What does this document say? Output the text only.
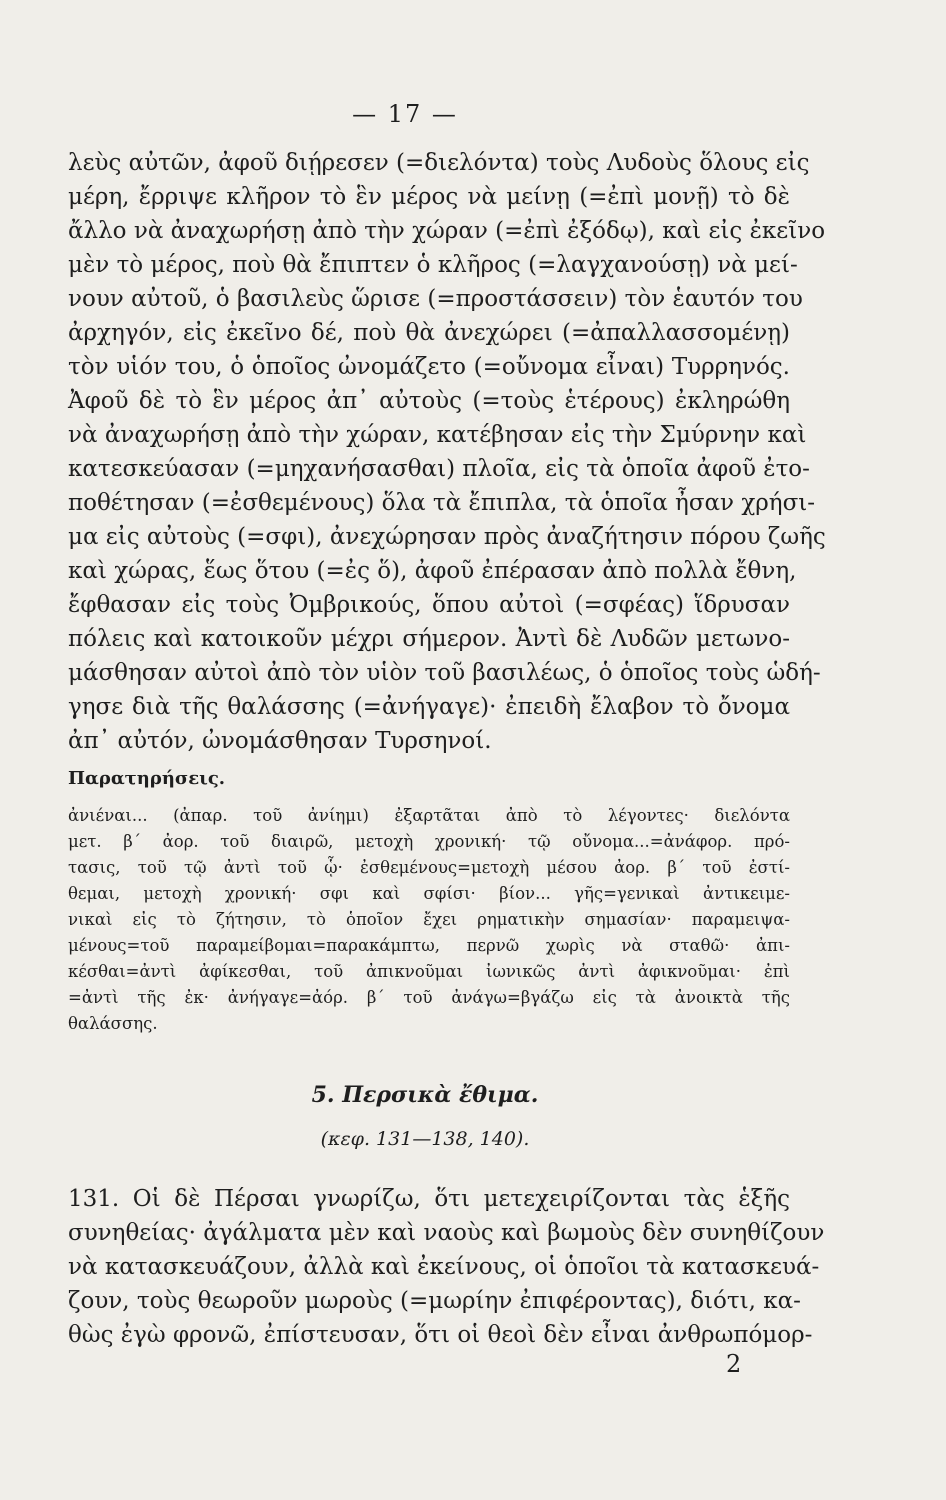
— 17 —
λεὺς αὐτῶν, ἀφοῦ διῄρεσεν (=διελόντα) τοὺς Λυδοὺς ὅλους εἰς
μέρη, ἔρριψε κλῆρον τὸ ἓν μέρος νὰ μείνῃ (=ἐπὶ μονῇ) τὸ δὲ
ἄλλο νὰ ἀναχωρήσῃ ἀπὸ τὴν χώραν (=ἐπὶ ἐξόδῳ), καὶ εἰς ἐκεῖνο
μὲν τὸ μέρος, ποὺ θὰ ἔπιπτεν ὁ κλῆρος (=λαγχανούσῃ) νὰ μεί-
νουν αὐτοῦ, ὁ βασιλεὺς ὥρισε (=προστάσσειν) τὸν ἑαυτόν του
ἀρχηγόν, εἰς ἐκεῖνο δέ, ποὺ θὰ ἀνεχώρει (=ἀπαλλασσομένῃ)
τὸν υἱόν του, ὁ ὁποῖος ὠνομάζετο (=οὔνομα εἶναι) Τυρρηνός.
Ἀφοῦ δὲ τὸ ἓν μέρος ἀπ᾽ αὐτοὺς (=τοὺς ἑτέρους) ἐκληρώθη
νὰ ἀναχωρήσῃ ἀπὸ τὴν χώραν, κατέβησαν εἰς τὴν Σμύρνην καὶ
κατεσκεύασαν (=μηχανήσασθαι) πλοῖα, εἰς τὰ ὁποῖα ἀφοῦ ἐτο-
ποθέτησαν (=ἐσθεμένους) ὅλα τὰ ἔπιπλα, τὰ ὁποῖα ἦσαν χρήσι-
μα εἰς αὐτοὺς (=σφι), ἀνεχώρησαν πρὸς ἀναζήτησιν πόρου ζωῆς
καὶ χώρας, ἕως ὅτου (=ἐς ὅ), ἀφοῦ ἐπέρασαν ἀπὸ πολλὰ ἔθνη,
ἔφθασαν εἰς τοὺς Ὀμβρικούς, ὅπου αὐτοὶ (=σφέας) ἵδρυσαν
πόλεις καὶ κατοικοῦν μέχρι σήμερον. Ἀντὶ δὲ Λυδῶν μετωνο-
μάσθησαν αὐτοὶ ἀπὸ τὸν υἱὸν τοῦ βασιλέως, ὁ ὁποῖος τοὺς ὡδή-
γησε διὰ τῆς θαλάσσης (=ἀνήγαγε)· ἐπειδὴ ἔλαβον τὸ ὄνομα
ἀπ᾽ αὐτόν, ὠνομάσθησαν Τυρσηνοί.
Παρατηρήσεις.
ἀνιέναι... (ἀπαρ. τοῦ ἀνίημι) ἐξαρτᾶται ἀπὸ τὸ λέγοντες· διελόντα
μετ. β΄ ἀορ. τοῦ διαιρῶ, μετοχὴ χρονική· τῷ οὔνομα...=ἀνάφορ. πρό-
τασις, τοῦ τῷ ἀντὶ τοῦ ᾧ· ἐσθεμένους=μετοχὴ μέσου ἀορ. β΄ τοῦ ἐστί-
θεμαι, μετοχὴ χρονική· σφι καὶ σφίσι· βίον... γῆς=γενικαὶ ἀντικειμε-
νικαὶ εἰς τὸ ζήτησιν, τὸ ὁποῖον ἔχει ρηματικὴν σημασίαν· παραμειψα-
μένους=τοῦ παραμείβομαι=παρακάμπτω, περνῶ χωρὶς νὰ σταθῶ· ἀπι-
κέσθαι=ἀντὶ ἀφίκεσθαι, τοῦ ἀπικνοῦμαι ἰωνικῶς ἀντὶ ἀφικνοῦμαι· ἐπὶ
=ἀντὶ τῆς ἐκ· ἀνήγαγε=ἀόρ. β΄ τοῦ ἀνάγω=βγάζω εἰς τὰ ἀνοικτὰ τῆς
θαλάσσης.
5. Περσικὰ ἔθιμα.
(κεφ. 131—138, 140).
131. Οἱ δὲ Πέρσαι γνωρίζω, ὅτι μετεχειρίζονται τὰς ἑξῆς
συνηθείας· ἀγάλματα μὲν καὶ ναοὺς καὶ βωμοὺς δὲν συνηθίζουν
νὰ κατασκευάζουν, ἀλλὰ καὶ ἐκείνους, οἱ ὁποῖοι τὰ κατασκευά-
ζουν, τοὺς θεωροῦν μωροὺς (=μωρίην ἐπιφέροντας), διότι, κα-
θὼς ἐγὼ φρονῶ, ἐπίστευσαν, ὅτι οἱ θεοὶ δὲν εἶναι ἀνθρωπόμορ-
2
